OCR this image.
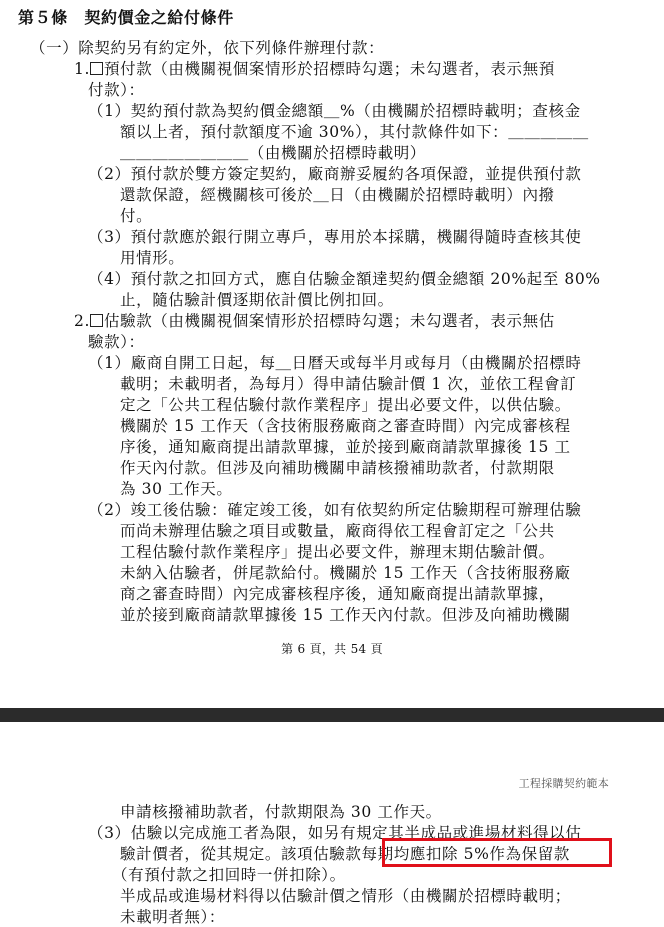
第５條　契約價金之給付條件
（一）除契約另有約定外，依下列條件辦理付款：
1. 預付款（由機關視個案情形於招標時勾選；未勾選者，表示無預
付款）：
（1）契約預付款為契約價金總額＿%（由機關於招標時載明；查核金
額以上者，預付款額度不逾 30%），其付款條件如下：＿＿＿＿＿
＿＿＿＿＿＿＿＿（由機關於招標時載明）
（2）預付款於雙方簽定契約，廠商辦妥履約各項保證，並提供預付款
還款保證，經機關核可後於＿日（由機關於招標時載明）內撥
付。
（3）預付款應於銀行開立專戶，專用於本採購，機關得隨時查核其使
用情形。
（4）預付款之扣回方式，應自估驗金額達契約價金總額 20%起至 80%
止，隨估驗計價逐期依計價比例扣回。
2. 估驗款（由機關視個案情形於招標時勾選；未勾選者，表示無估
驗款）：
（1）廠商自開工日起，每＿日曆天或每半月或每月（由機關於招標時
載明；未載明者，為每月）得申請估驗計價 1 次，並依工程會訂
定之「公共工程估驗付款作業程序」提出必要文件，以供估驗。
機關於 15 工作天（含技術服務廠商之審查時間）內完成審核程
序後，通知廠商提出請款單據，並於接到廠商請款單據後 15 工
作天內付款。但涉及向補助機關申請核撥補助款者，付款期限
為 30 工作天。
（2）竣工後估驗：確定竣工後，如有依契約所定估驗期程可辦理估驗
而尚未辦理估驗之項目或數量，廠商得依工程會訂定之「公共
工程估驗付款作業程序」提出必要文件，辦理末期估驗計價。
未納入估驗者，併尾款給付。機關於 15 工作天（含技術服務廠
商之審查時間）內完成審核程序後，通知廠商提出請款單據，
並於接到廠商請款單據後 15 工作天內付款。但涉及向補助機關
第 6 頁，共 54 頁
工程採購契約範本
申請核撥補助款者，付款期限為 30 工作天。
（3）估驗以完成施工者為限，如另有規定其半成品或進場材料得以估
驗計價者，從其規定。該項估驗款每期均應扣除 5%作為保留款
（有預付款之扣回時一併扣除）。
半成品或進場材料得以估驗計價之情形（由機關於招標時載明；
未載明者無）：
